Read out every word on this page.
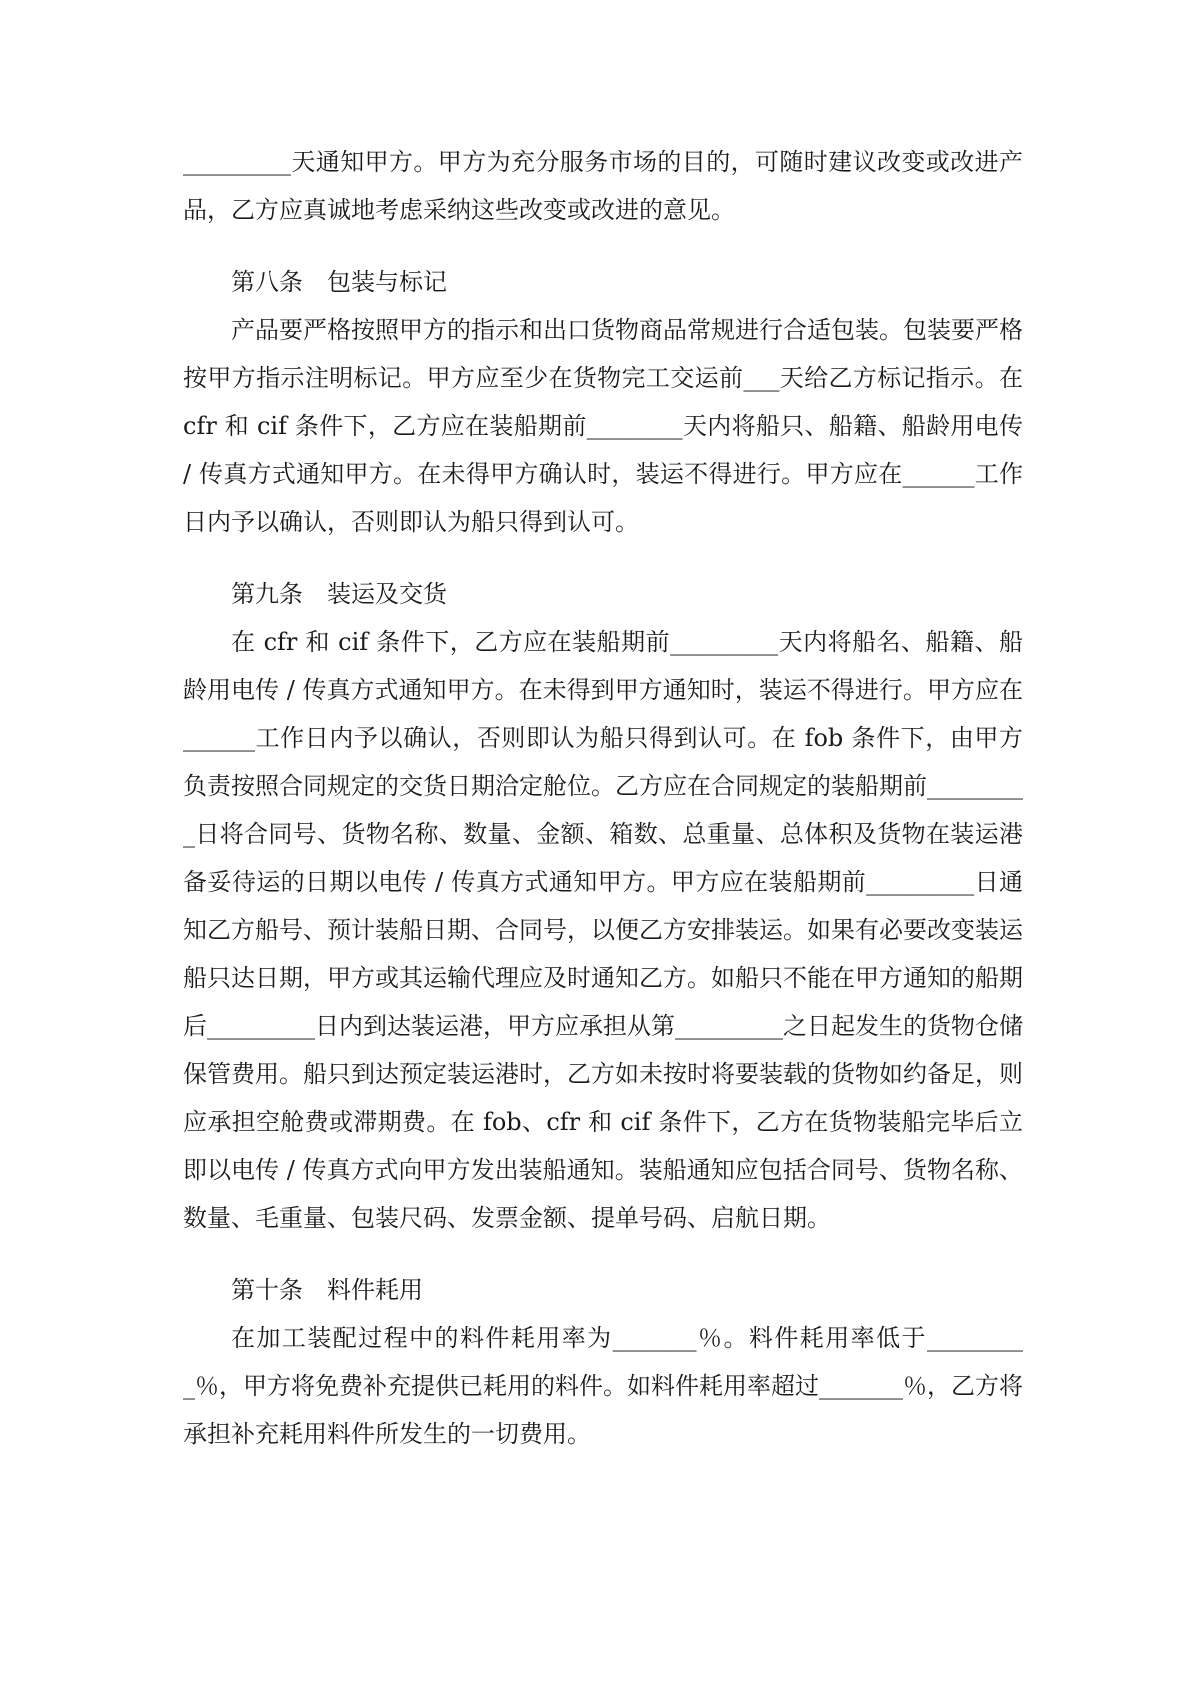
_________天通知甲方。甲方为充分服务市场的目的，可随时建议改变或改进产品，乙方应真诚地考虑采纳这些改变或改进的意见。

第八条　包装与标记

产品要严格按照甲方的指示和出口货物商品常规进行合适包装。包装要严格按甲方指示注明标记。甲方应至少在货物完工交运前___天给乙方标记指示。在 cfr 和 cif 条件下，乙方应在装船期前________天内将船只、船籍、船龄用电传 / 传真方式通知甲方。在未得甲方确认时，装运不得进行。甲方应在______工作日内予以确认，否则即认为船只得到认可。

第九条　装运及交货

在 cfr 和 cif 条件下，乙方应在装船期前_________天内将船名、船籍、船龄用电传 / 传真方式通知甲方。在未得到甲方通知时，装运不得进行。甲方应在______工作日内予以确认，否则即认为船只得到认可。在 fob 条件下，由甲方负责按照合同规定的交货日期洽定舱位。乙方应在合同规定的装船期前_________日将合同号、货物名称、数量、金额、箱数、总重量、总体积及货物在装运港备妥待运的日期以电传 / 传真方式通知甲方。甲方应在装船期前_________日通知乙方船号、预计装船日期、合同号，以便乙方安排装运。如果有必要改变装运船只达日期，甲方或其运输代理应及时通知乙方。如船只不能在甲方通知的船期后_________日内到达装运港，甲方应承担从第_________之日起发生的货物仓储保管费用。船只到达预定装运港时，乙方如未按时将要装载的货物如约备足，则应承担空舱费或滞期费。在 fob、cfr 和 cif 条件下，乙方在货物装船完毕后立即以电传 / 传真方式向甲方发出装船通知。装船通知应包括合同号、货物名称、数量、毛重量、包装尺码、发票金额、提单号码、启航日期。

第十条　料件耗用

在加工装配过程中的料件耗用率为_______％。料件耗用率低于_________％，甲方将免费补充提供已耗用的料件。如料件耗用率超过_______％，乙方将承担补充耗用料件所发生的一切费用。
